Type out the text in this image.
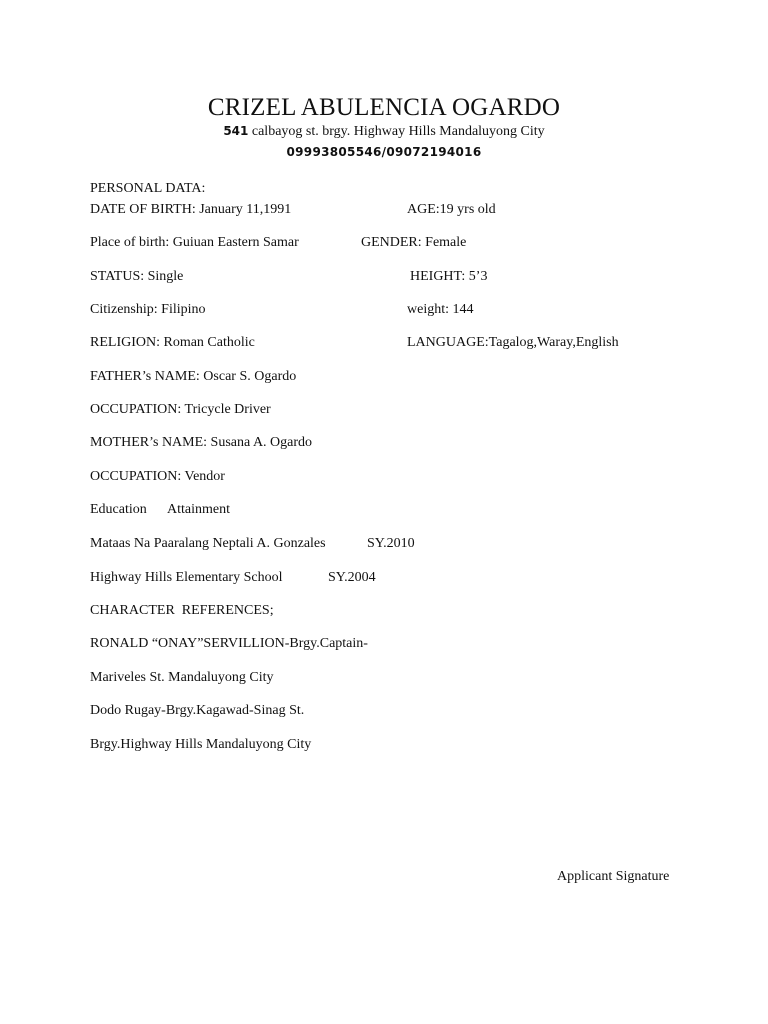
CRIZEL ABULENCIA OGARDO
541 calbayog st. brgy. Highway Hills Mandaluyong City
09993805546/09072194016
PERSONAL DATA:
DATE OF BIRTH: January 11,1991	AGE:19 yrs old
Place of birth: Guiuan Eastern Samar	GENDER: Female
STATUS: Single	HEIGHT: 5’3
Citizenship: Filipino	weight: 144
RELIGION: Roman Catholic	LANGUAGE:Tagalog,Waray,English
FATHER’s NAME: Oscar S. Ogardo
OCCUPATION: Tricycle Driver
MOTHER’s NAME: Susana A. Ogardo
OCCUPATION: Vendor
Education Attainment
Mataas Na Paaralang Neptali A. Gonzales	SY.2010
Highway Hills Elementary School	SY.2004
CHARACTER  REFERENCES;
RONALD “ONAY”SERVILLION-Brgy.Captain-
Mariveles St. Mandaluyong City
Dodo Rugay-Brgy.Kagawad-Sinag St.
Brgy.Highway Hills Mandaluyong City
Applicant Signature
